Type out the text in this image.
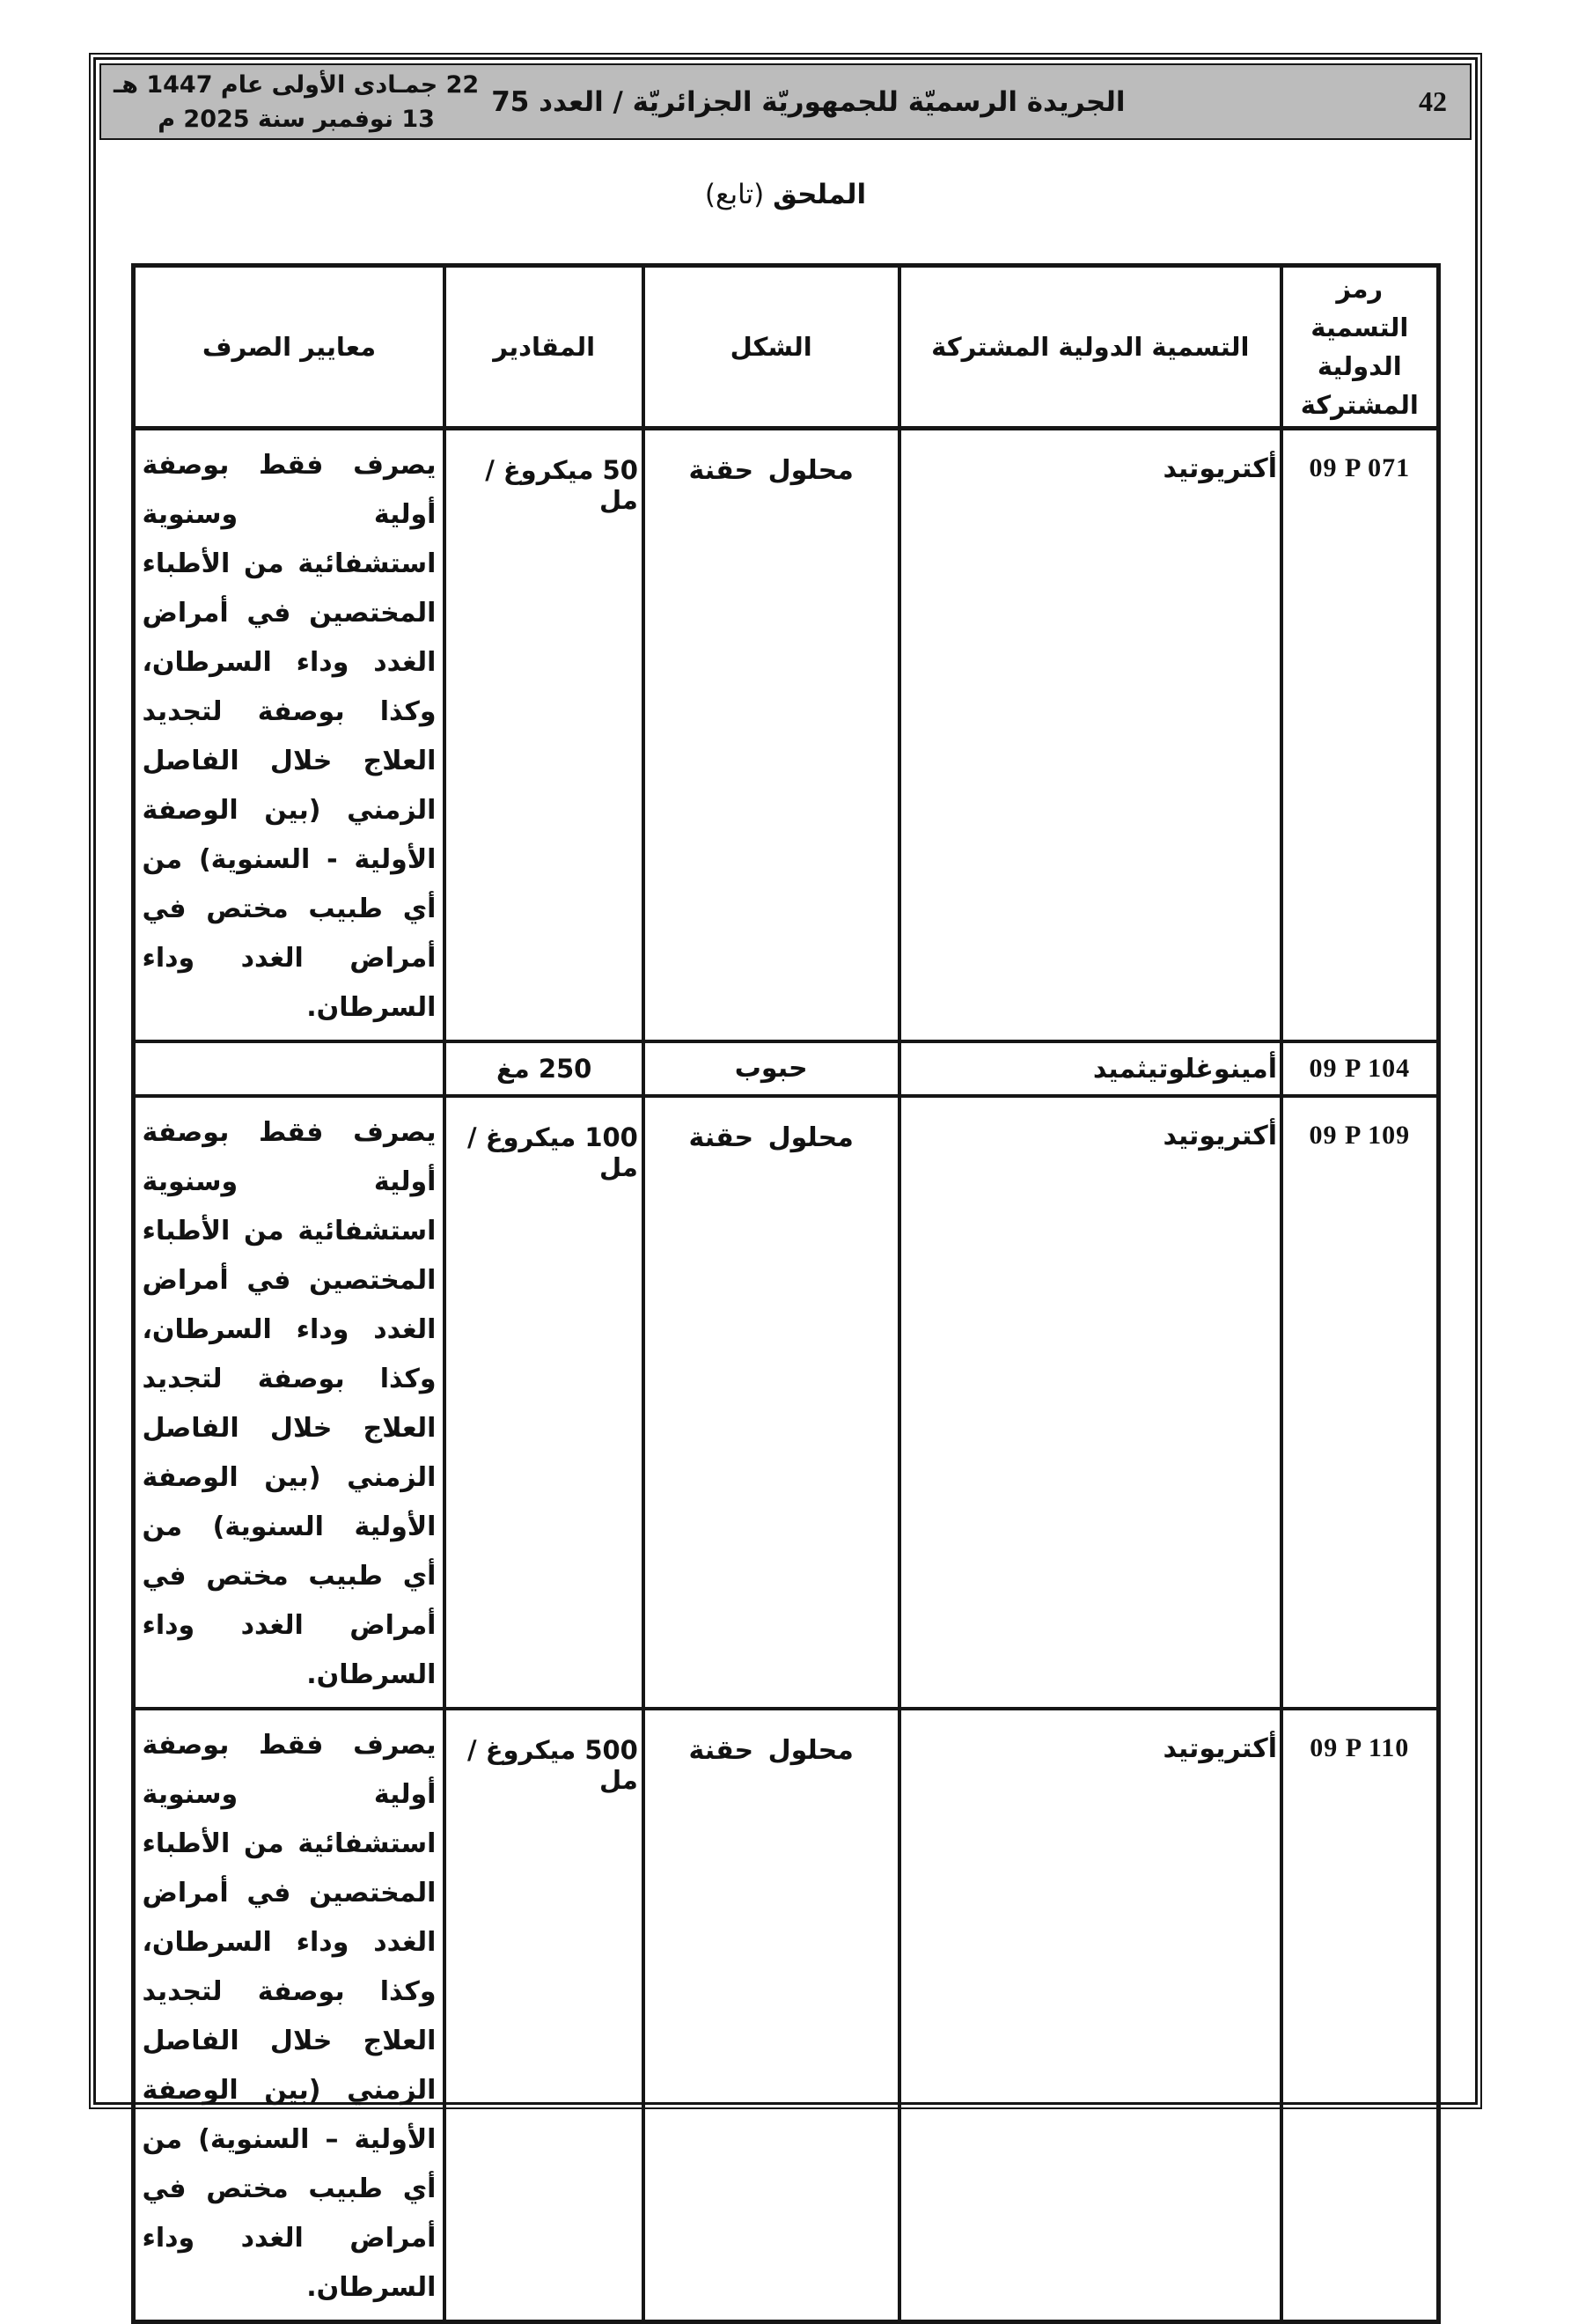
42
الجريدة الرسميّة للجمهوريّة الجزائريّة / العدد 75
22 جمـادى الأولى عام 1447 هـ
13 نوفمبر سنة 2025 م
الملحق (تابع)
رمز التسمية الدولية المشتركة	التسمية الدولية المشتركة	الشكل	المقادير	معايير الصرف
09 P 071	أكتريوتيد	محلول حقنة	50 ميكروغ / مل	يصرف فقط بوصفة أولية وسنوية استشفائية من الأطباء المختصين في أمراض الغدد وداء السرطان، وكذا بوصفة لتجديد العلاج خلال الفاصل الزمني (بين الوصفة الأولية - السنوية) من أي طبيب مختص في أمراض الغدد وداء السرطان.
09 P 104	أمينوغلوتيثميد	حبوب	250 مغ	
09 P 109	أكتريوتيد	محلول حقنة	100 ميكروغ / مل	يصرف فقط بوصفة أولية وسنوية استشفائية من الأطباء المختصين في أمراض الغدد وداء السرطان، وكذا بوصفة لتجديد العلاج خلال الفاصل الزمني (بين الوصفة الأولية السنوية) من أي طبيب مختص في أمراض الغدد وداء السرطان.
09 P 110	أكتريوتيد	محلول حقنة	500 ميكروغ / مل	يصرف فقط بوصفة أولية وسنوية استشفائية من الأطباء المختصين في أمراض الغدد وداء السرطان، وكذا بوصفة لتجديد العلاج خلال الفاصل الزمني (بين الوصفة الأولية – السنوية) من أي طبيب مختص في أمراض الغدد وداء السرطان.
